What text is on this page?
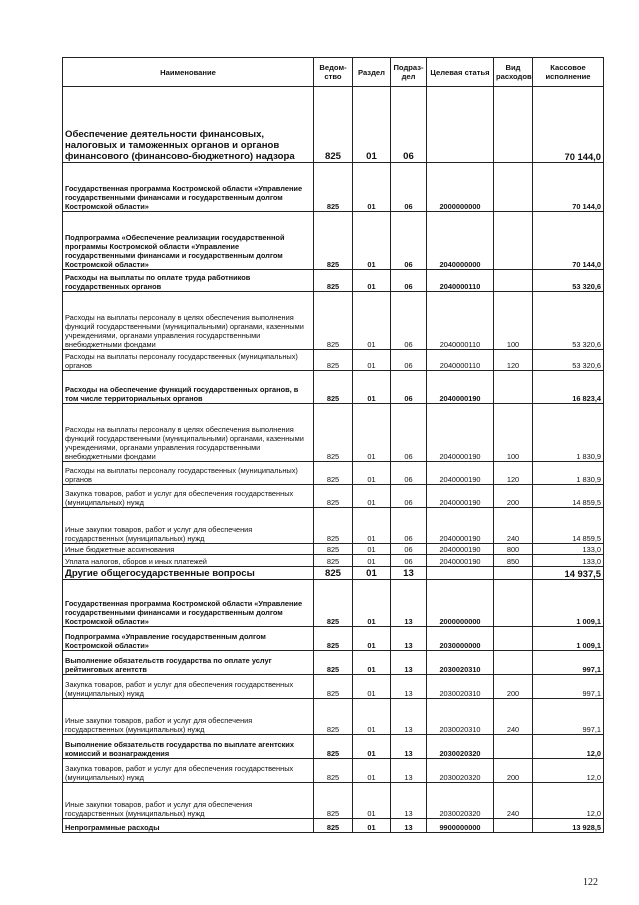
Наименование	Ведом-ство	Раздел	Подраз-дел	Целевая статья	Вид расходов	Кассовое исполнение
Обеспечение деятельности финансовых, налоговых и таможенных органов и органов финансового (финансово-бюджетного) надзора	825	01	06			70 144,0
Государственная программа Костромской области «Управление государственными финансами и государственным долгом Костромской области»	825	01	06	2000000000		70 144,0
Подпрограмма «Обеспечение реализации государственной программы Костромской области «Управление государственными финансами и государственным долгом Костромской области»	825	01	06	2040000000		70 144,0
Расходы на выплаты по оплате труда работников государственных органов	825	01	06	2040000110		53 320,6
Расходы на выплаты персоналу в целях обеспечения выполнения функций государственными (муниципальными) органами, казенными учреждениями, органами управления государственными внебюджетными фондами	825	01	06	2040000110	100	53 320,6
Расходы на выплаты персоналу государственных (муниципальных) органов	825	01	06	2040000110	120	53 320,6
Расходы на обеспечение функций государственных органов, в том числе территориальных органов	825	01	06	2040000190		16 823,4
Расходы на выплаты персоналу в целях обеспечения выполнения функций государственными (муниципальными) органами, казенными учреждениями, органами управления государственными внебюджетными фондами	825	01	06	2040000190	100	1 830,9
Расходы на выплаты персоналу государственных (муниципальных) органов	825	01	06	2040000190	120	1 830,9
Закупка товаров, работ и услуг для обеспечения государственных (муниципальных) нужд	825	01	06	2040000190	200	14 859,5
Иные закупки товаров, работ и услуг для обеспечения государственных (муниципальных) нужд	825	01	06	2040000190	240	14 859,5
Иные бюджетные ассигнования	825	01	06	2040000190	800	133,0
Уплата налогов, сборов и иных платежей	825	01	06	2040000190	850	133,0
Другие общегосударственные вопросы	825	01	13			14 937,5
Государственная программа Костромской области «Управление государственными финансами и государственным долгом Костромской области»	825	01	13	2000000000		1 009,1
Подпрограмма «Управление государственным долгом Костромской области»	825	01	13	2030000000		1 009,1
Выполнение обязательств государства по оплате услуг рейтинговых агентств	825	01	13	2030020310		997,1
Закупка товаров, работ и услуг для обеспечения государственных (муниципальных) нужд	825	01	13	2030020310	200	997,1
Иные закупки товаров, работ и услуг для обеспечения государственных (муниципальных) нужд	825	01	13	2030020310	240	997,1
Выполнение обязательств государства по выплате агентских комиссий и вознаграждения	825	01	13	2030020320		12,0
Закупка товаров, работ и услуг для обеспечения государственных (муниципальных) нужд	825	01	13	2030020320	200	12,0
Иные закупки товаров, работ и услуг для обеспечения государственных (муниципальных) нужд	825	01	13	2030020320	240	12,0
Непрограммные расходы	825	01	13	9900000000		13 928,5
122
